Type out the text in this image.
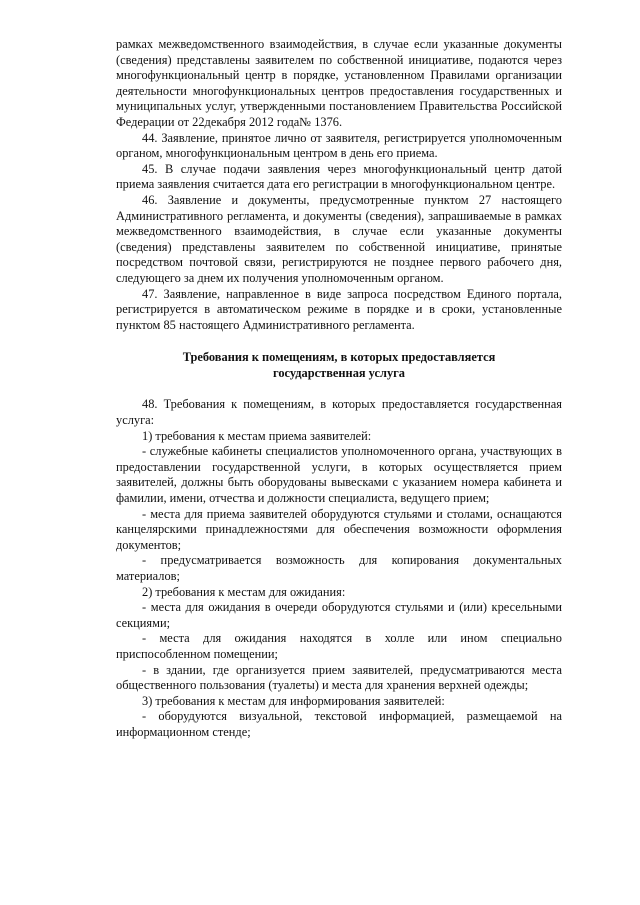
рамках межведомственного взаимодействия, в случае если указанные документы (сведения) представлены заявителем по собственной инициативе, подаются через многофункциональный центр в порядке, установленном Правилами организации деятельности многофункциональных центров предоставления государственных и муниципальных услуг, утвержденными постановлением Правительства Российской Федерации от 22декабря 2012 года№ 1376.

44. Заявление, принятое лично от заявителя, регистрируется уполномоченным органом, многофункциональным центром в день его приема.

45. В случае подачи заявления через многофункциональный центр датой приема заявления считается дата его регистрации в многофункциональном центре.

46. Заявление и документы, предусмотренные пунктом 27 настоящего Административного регламента, и документы (сведения), запрашиваемые в рамках межведомственного взаимодействия, в случае если указанные документы (сведения) представлены заявителем по собственной инициативе, принятые посредством почтовой связи, регистрируются не позднее первого рабочего дня, следующего за днем их получения уполномоченным органом.

47. Заявление, направленное в виде запроса посредством Единого портала, регистрируется в автоматическом режиме в порядке и в сроки, установленные пунктом 85 настоящего Административного регламента.

Требования к помещениям, в которых предоставляется государственная услуга

48. Требования к помещениям, в которых предоставляется государственная услуга:

1) требования к местам приема заявителей:

- служебные кабинеты специалистов уполномоченного органа, участвующих в предоставлении государственной услуги, в которых осуществляется прием заявителей, должны быть оборудованы вывесками с указанием номера кабинета и фамилии, имени, отчества и должности специалиста, ведущего прием;

- места для приема заявителей оборудуются стульями и столами, оснащаются канцелярскими принадлежностями для обеспечения возможности оформления документов;

- предусматривается возможность для копирования документальных материалов;

2) требования к местам для ожидания:

- места для ожидания в очереди оборудуются стульями и (или) кресельными секциями;

- места для ожидания находятся в холле или ином специально приспособленном помещении;

- в здании, где организуется прием заявителей, предусматриваются места общественного пользования (туалеты) и места для хранения верхней одежды;

3) требования к местам для информирования заявителей:

- оборудуются визуальной, текстовой информацией, размещаемой на информационном стенде;
